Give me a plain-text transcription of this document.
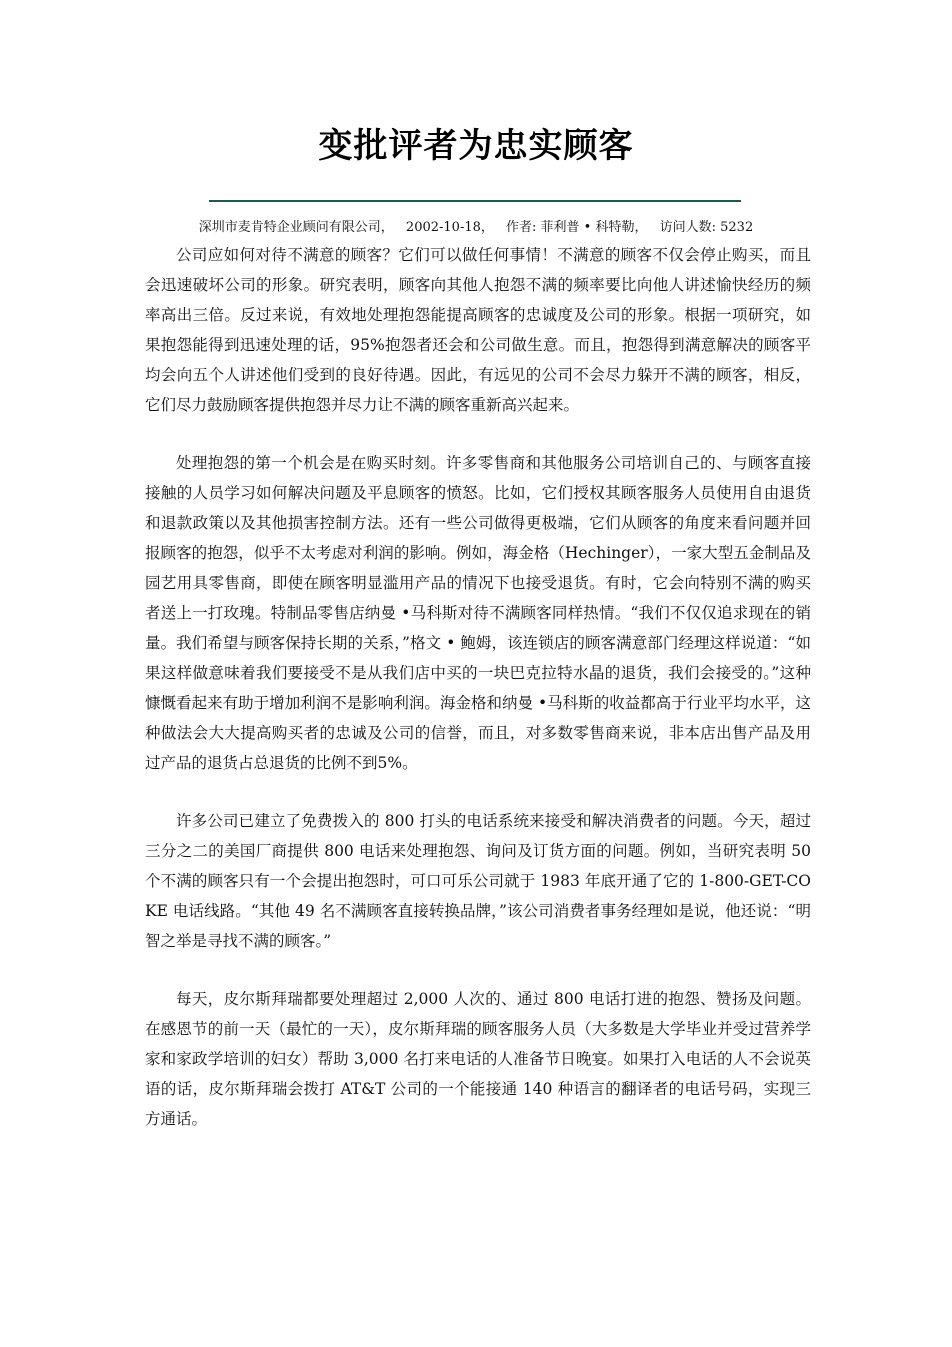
变批评者为忠实顾客
深圳市麦肯特企业顾问有限公司， 2002-10-18， 作者: 菲利普 • 科特勒， 访问人数: 5232

公司应如何对待不满意的顾客？它们可以做任何事情！不满意的顾客不仅会停止购买，而且会迅速破坏公司的形象。研究表明，顾客向其他人抱怨不满的频率要比向他人讲述愉快经历的频率高出三倍。反过来说，有效地处理抱怨能提高顾客的忠诚度及公司的形象。根据一项研究，如果抱怨能得到迅速处理的话，95%抱怨者还会和公司做生意。而且，抱怨得到满意解决的顾客平均会向五个人讲述他们受到的良好待遇。因此，有远见的公司不会尽力躲开不满的顾客，相反，它们尽力鼓励顾客提供抱怨并尽力让不满的顾客重新高兴起来。

处理抱怨的第一个机会是在购买时刻。许多零售商和其他服务公司培训自己的、与顾客直接接触的人员学习如何解决问题及平息顾客的愤怒。比如，它们授权其顾客服务人员使用自由退货和退款政策以及其他损害控制方法。还有一些公司做得更极端，它们从顾客的角度来看问题并回报顾客的抱怨，似乎不太考虑对利润的影响。例如，海金格（Hechinger），一家大型五金制品及园艺用具零售商，即使在顾客明显滥用产品的情况下也接受退货。有时，它会向特别不满的购买者送上一打玫瑰。特制品零售店纳曼 •马科斯对待不满顾客同样热情。“我们不仅仅追求现在的销量。我们希望与顾客保持长期的关系，”格文 • 鲍姆，该连锁店的顾客满意部门经理这样说道：“如果这样做意味着我们要接受不是从我们店中买的一块巴克拉特水晶的退货，我们会接受的。”这种慷慨看起来有助于增加利润不是影响利润。海金格和纳曼 •马科斯的收益都高于行业平均水平，这种做法会大大提高购买者的忠诚及公司的信誉，而且，对多数零售商来说，非本店出售产品及用过产品的退货占总退货的比例不到5%。

许多公司已建立了免费拨入的 800 打头的电话系统来接受和解决消费者的问题。今天，超过三分之二的美国厂商提供 800 电话来处理抱怨、询问及订货方面的问题。例如，当研究表明 50 个不满的顾客只有一个会提出抱怨时，可口可乐公司就于 1983 年底开通了它的 1-800-GET-COKE 电话线路。“其他 49 名不满顾客直接转换品牌，”该公司消费者事务经理如是说，他还说：“明智之举是寻找不满的顾客。”

每天，皮尔斯拜瑞都要处理超过 2,000 人次的、通过 800 电话打进的抱怨、赞扬及问题。在感恩节的前一天（最忙的一天），皮尔斯拜瑞的顾客服务人员（大多数是大学毕业并受过营养学家和家政学培训的妇女）帮助 3,000 名打来电话的人准备节日晚宴。如果打入电话的人不会说英语的话，皮尔斯拜瑞会拨打 AT&T 公司的一个能接通 140 种语言的翻译者的电话号码，实现三方通话。
